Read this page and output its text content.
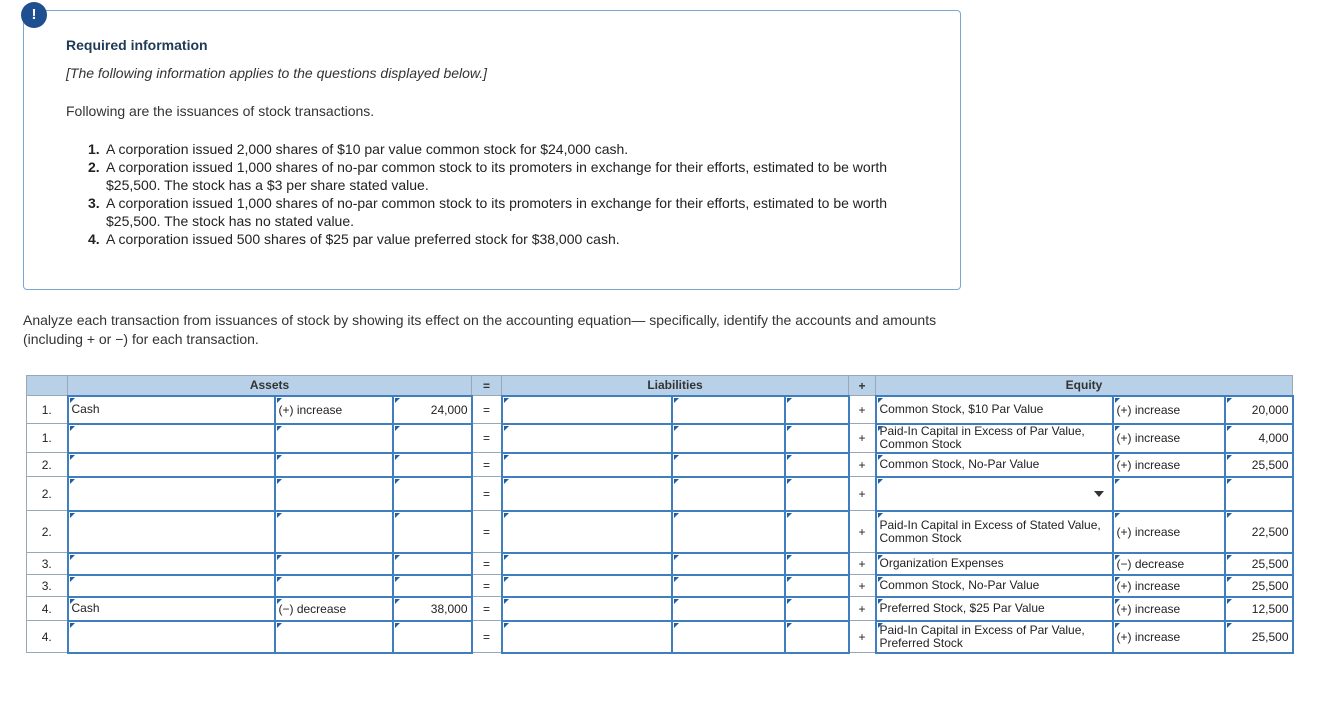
!
Required information
[The following information applies to the questions displayed below.]
Following are the issuances of stock transactions.
1. A corporation issued 2,000 shares of $10 par value common stock for $24,000 cash.
2. A corporation issued 1,000 shares of no-par common stock to its promoters in exchange for their efforts, estimated to be worth $25,500. The stock has a $3 per share stated value.
3. A corporation issued 1,000 shares of no-par common stock to its promoters in exchange for their efforts, estimated to be worth $25,500. The stock has no stated value.
4. A corporation issued 500 shares of $25 par value preferred stock for $38,000 cash.
Analyze each transaction from issuances of stock by showing its effect on the accounting equation— specifically, identify the accounts and amounts (including + or −) for each transaction.
	Assets			=	Liabilities			+	Equity		
1.	Cash	(+) increase	24,000	=				+	Common Stock, $10 Par Value	(+) increase	20,000
1.				=				+	Paid-In Capital in Excess of Par Value, Common Stock	(+) increase	4,000
2.				=				+	Common Stock, No-Par Value	(+) increase	25,500
2.				=				+	

2.				=				+	Paid-In Capital in Excess of Stated Value, Common Stock	(+) increase	22,500
3.				=				+	Organization Expenses	(−) decrease	25,500
3.				=				+	Common Stock, No-Par Value	(+) increase	25,500
4.	Cash	(−) decrease	38,000	=				+	Preferred Stock, $25 Par Value	(+) increase	12,500
4.				=				+	Paid-In Capital in Excess of Par Value, Preferred Stock	(+) increase	25,500
